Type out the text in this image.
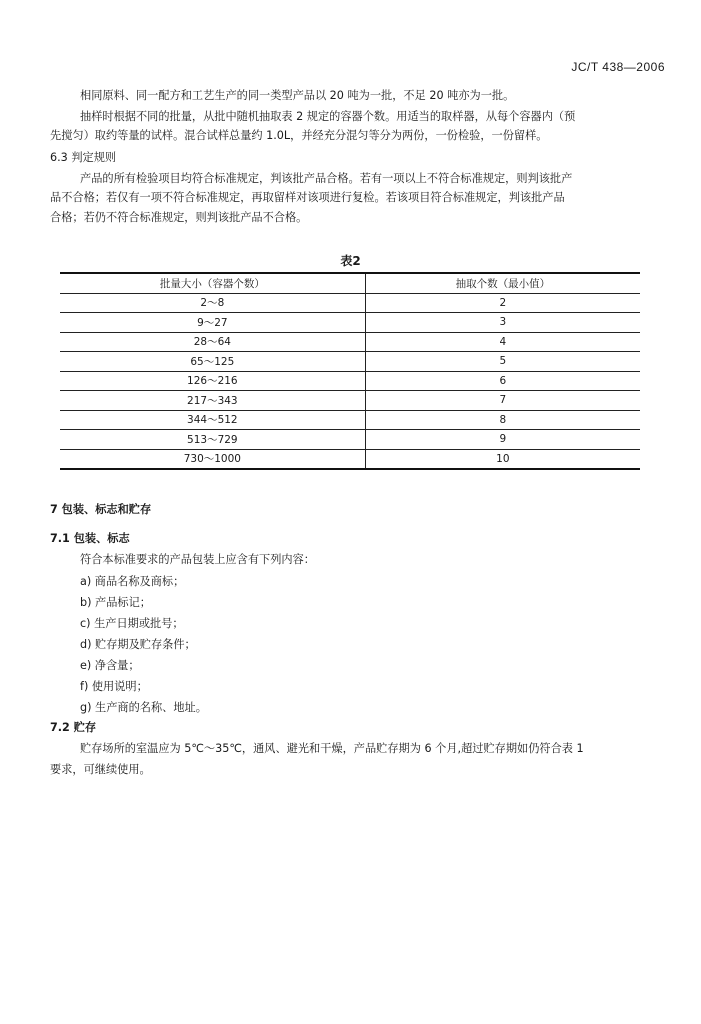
JC/T 438—2006
相同原料、同一配方和工艺生产的同一类型产品以 20 吨为一批，不足 20 吨亦为一批。
抽样时根据不同的批量，从批中随机抽取表 2 规定的容器个数。用适当的取样器，从每个容器内（预
先搅匀）取约等量的试样。混合试样总量约 1.0L，并经充分混匀等分为两份，一份检验，一份留样。
6.3 判定规则
产品的所有检验项目均符合标准规定，判该批产品合格。若有一项以上不符合标准规定，则判该批产
品不合格；若仅有一项不符合标准规定，再取留样对该项进行复检。若该项目符合标准规定，判该批产品
合格；若仍不符合标准规定，则判该批产品不合格。
表2
批量大小（容器个数）	抽取个数（最小值）
2～8	2
9～27	3
28～64	4
65～125	5
126～216	6
217～343	7
344～512	8
513～729	9
730～1000	10
7 包装、标志和贮存
7.1 包装、标志
符合本标准要求的产品包装上应含有下列内容：
a) 商品名称及商标；
b) 产品标记；
c) 生产日期或批号；
d) 贮存期及贮存条件；
e) 净含量；
f) 使用说明；
g) 生产商的名称、地址。
7.2 贮存
贮存场所的室温应为 5℃～35℃，通风、避光和干燥，产品贮存期为 6 个月,超过贮存期如仍符合表 1
要求，可继续使用。
